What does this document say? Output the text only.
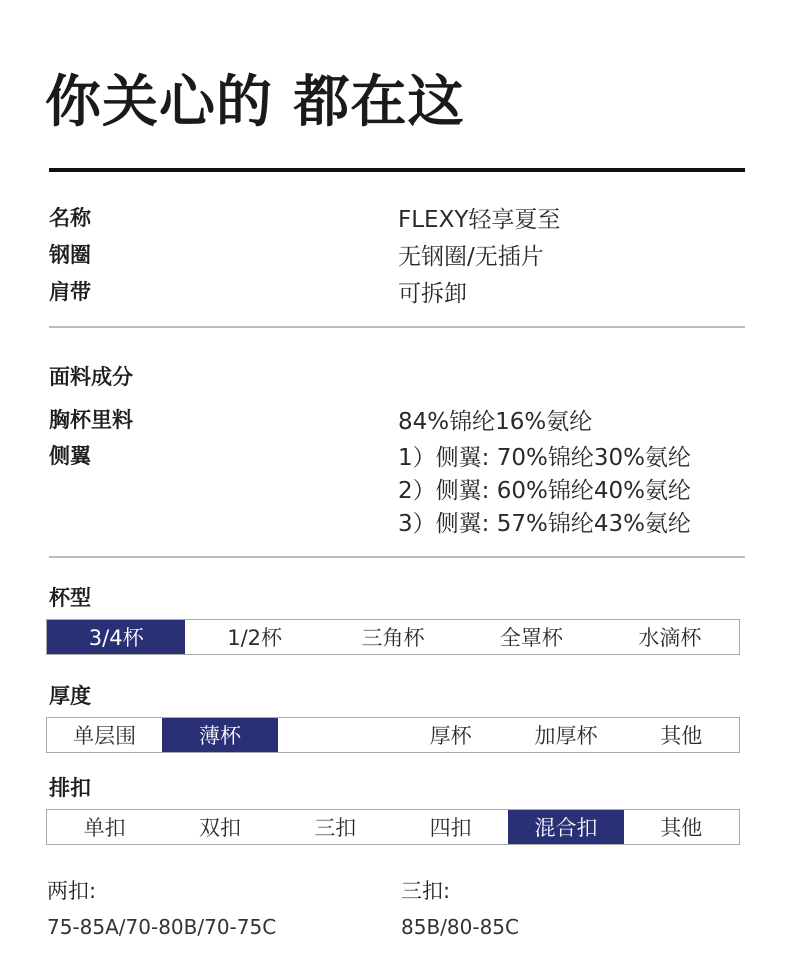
你关心的 都在这
名称	FLEXY轻享夏至
钢圈	无钢圈/无插片
肩带	可拆卸
面料成分
胸杯里料	84%锦纶16%氨纶
侧翼	1）侧翼: 70%锦纶30%氨纶
2）侧翼: 60%锦纶40%氨纶
3）侧翼: 57%锦纶43%氨纶
杯型
3/4杯	1/2杯	三角杯	全罩杯	水滴杯
厚度
单层围	薄杯	厚杯	加厚杯	其他
排扣
单扣	双扣	三扣	四扣	混合扣	其他
两扣:
75-85A/70-80B/70-75C
三扣:
85B/80-85C
